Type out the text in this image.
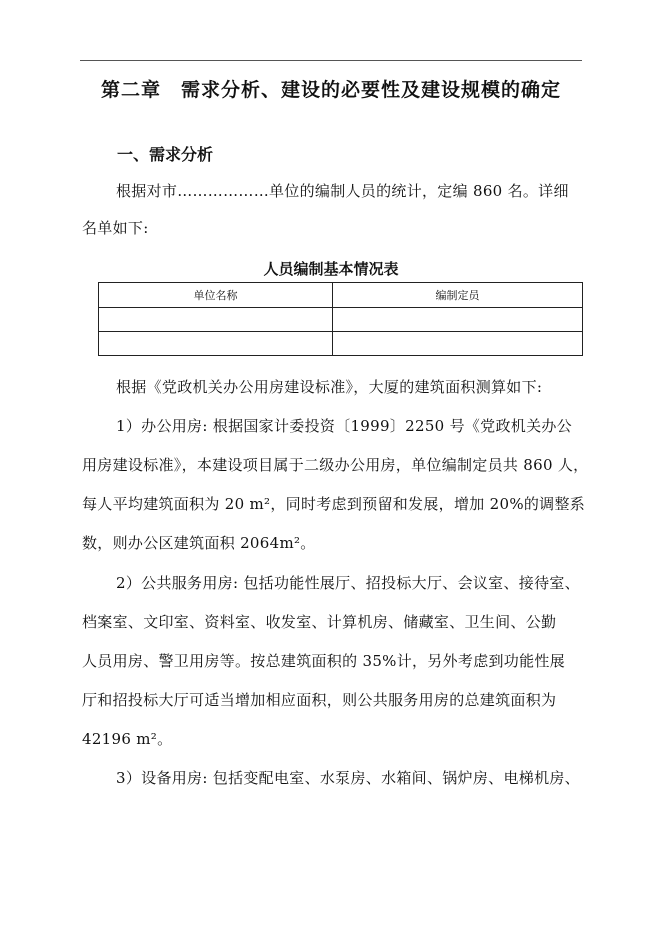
第二章　需求分析、建设的必要性及建设规模的确定
一、需求分析
根据对市………………单位的编制人员的统计，定编 860 名。详细
名单如下:
人员编制基本情况表
单位名称	编制定员

根据《党政机关办公用房建设标准》，大厦的建筑面积测算如下:
1）办公用房: 根据国家计委投资〔1999〕2250 号《党政机关办公
用房建设标准》，本建设项目属于二级办公用房，单位编制定员共 860 人，
每人平均建筑面积为 20 m²，同时考虑到预留和发展，增加 20%的调整系
数，则办公区建筑面积 2064m²。
2）公共服务用房: 包括功能性展厅、招投标大厅、会议室、接待室、
档案室、文印室、资料室、收发室、计算机房、储藏室、卫生间、公勤
人员用房、警卫用房等。按总建筑面积的 35%计，另外考虑到功能性展
厅和招投标大厅可适当增加相应面积，则公共服务用房的总建筑面积为
42196 m²。
3）设备用房: 包括变配电室、水泵房、水箱间、锅炉房、电梯机房、
